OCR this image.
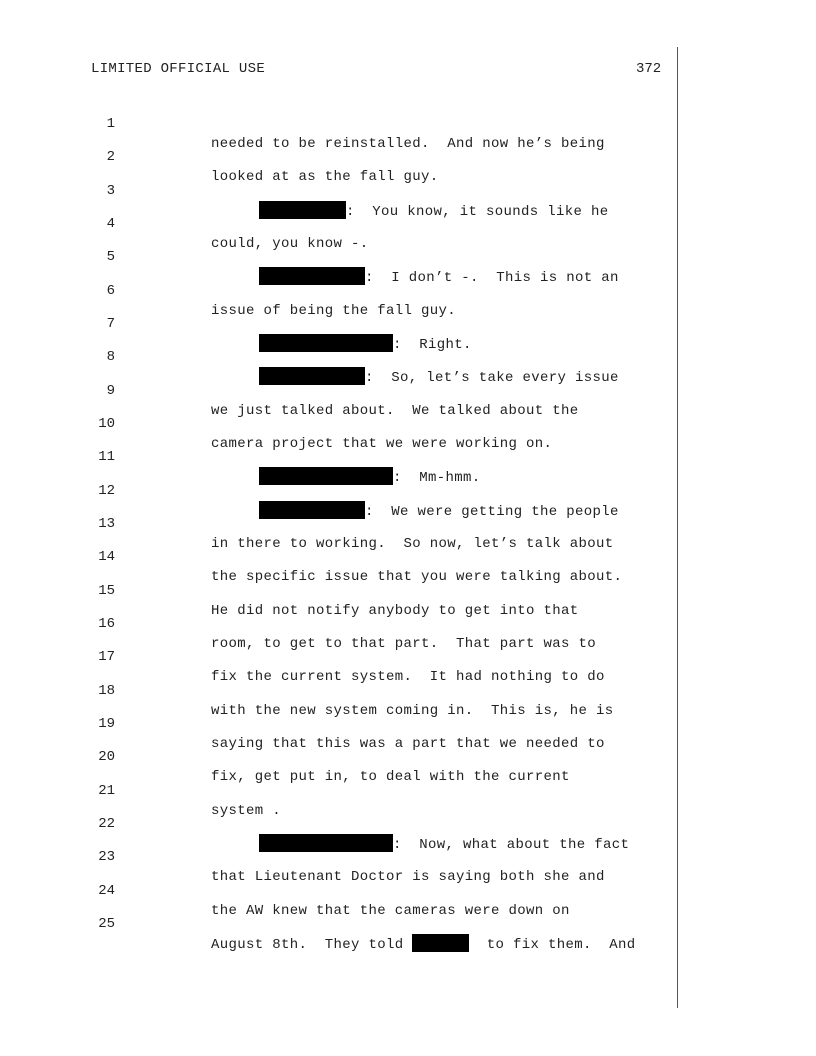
LIMITED OFFICIAL USE	372

1

needed to be reinstalled.  And now he’s being

2

looked at as the fall guy.

3

:  You know, it sounds like he

4

could, you know -.

5

:  I don’t -.  This is not an

6

issue of being the fall guy.

7

:  Right.

8

:  So, let’s take every issue

9

we just talked about.  We talked about the

10

camera project that we were working on.

11

:  Mm-hmm.

12

:  We were getting the people

13

in there to working.  So now, let’s talk about

14

the specific issue that you were talking about.

15

He did not notify anybody to get into that

16

room, to get to that part.  That part was to

17

fix the current system.  It had nothing to do

18

with the new system coming in.  This is, he is

19

saying that this was a part that we needed to

20

fix, get put in, to deal with the current

21

system .

22

:  Now, what about the fact

23

that Lieutenant Doctor is saying both she and

24

the AW knew that the cameras were down on

25

August 8th.  They told	to fix them.  And
